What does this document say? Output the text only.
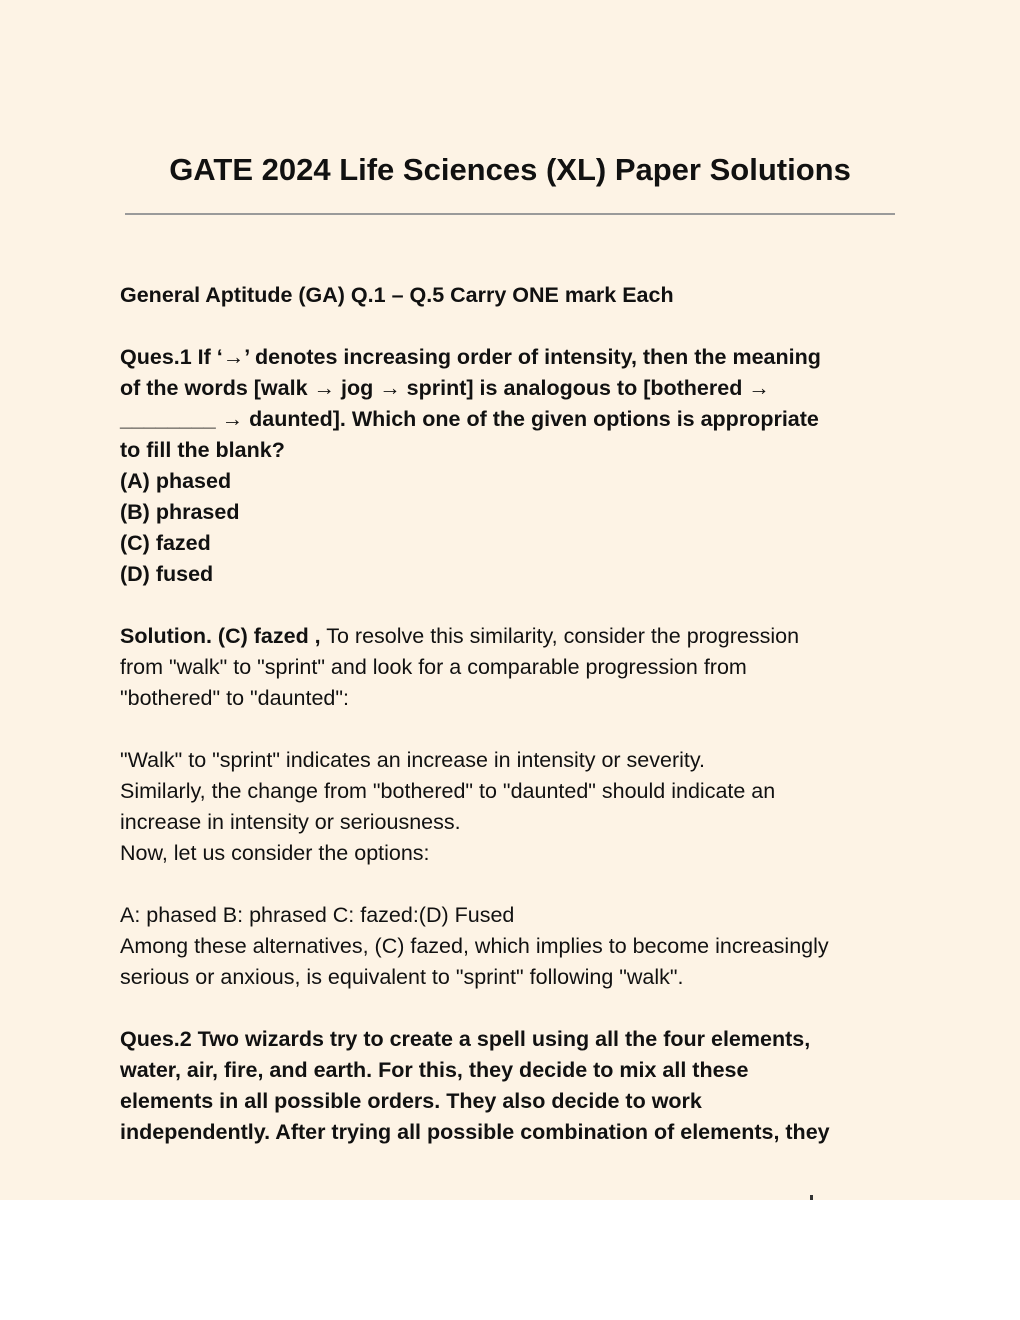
GATE 2024 Life Sciences (XL) Paper Solutions

General Aptitude (GA) Q.1 – Q.5 Carry ONE mark Each

Ques.1 If ‘→’ denotes increasing order of intensity, then the meaning

of the words [walk → jog → sprint] is analogous to [bothered →

________ → daunted]. Which one of the given options is appropriate

to fill the blank?

(A) phased

(B) phrased

(C) fazed

(D) fused

Solution. (C) fazed , To resolve this similarity, consider the progression

from "walk" to "sprint" and look for a comparable progression from

"bothered" to "daunted":

"Walk" to "sprint" indicates an increase in intensity or severity.

Similarly, the change from "bothered" to "daunted" should indicate an

increase in intensity or seriousness.

Now, let us consider the options:

A: phased B: phrased C: fazed:(D) Fused

Among these alternatives, (C) fazed, which implies to become increasingly

serious or anxious, is equivalent to "sprint" following "walk".

Ques.2 Two wizards try to create a spell using all the four elements,

water, air, fire, and earth. For this, they decide to mix all these

elements in all possible orders. They also decide to work

independently. After trying all possible combination of elements, they
